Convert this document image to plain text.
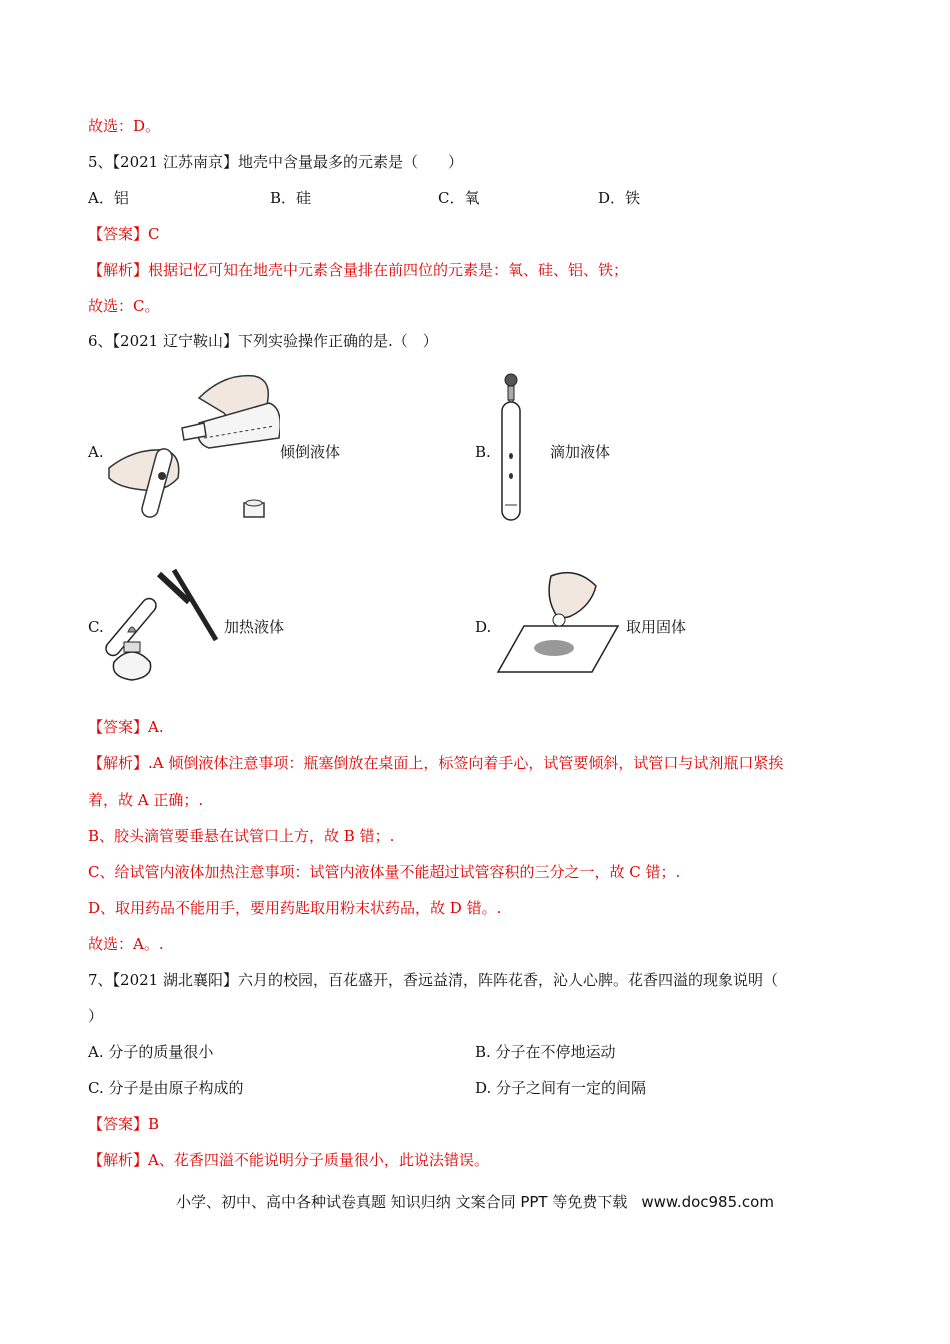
故选：D。
5、【2021 江苏南京】地壳中含量最多的元素是（　　）
A．铝	B．硅	C．氧	D．铁
【答案】C
【解析】根据记忆可知在地壳中元素含量排在前四位的元素是：氧、硅、铝、铁；
故选：C。
6、【2021 辽宁鞍山】下列实验操作正确的是.（　）
A.	倾倒液体	B.	滴加液体
C.	加热液体	D.	取用固体
【答案】A.
【解析】.A 倾倒液体注意事项：瓶塞倒放在桌面上，标签向着手心，试管要倾斜，试管口与试剂瓶口紧挨
着，故 A 正确；.
B、胶头滴管要垂悬在试管口上方，故 B 错；.
C、给试管内液体加热注意事项：试管内液体量不能超过试管容积的三分之一，故 C 错；.
D、取用药品不能用手，要用药匙取用粉末状药品，故 D 错。.
故选：A。.
7、【2021 湖北襄阳】六月的校园，百花盛开，香远益清，阵阵花香，沁人心脾。花香四溢的现象说明（
）
A. 分子的质量很小	B. 分子在不停地运动
C. 分子是由原子构成的	D. 分子之间有一定的间隔
【答案】B
【解析】A、花香四溢不能说明分子质量很小，此说法错误。
小学、初中、高中各种试卷真题 知识归纳 文案合同 PPT 等免费下载 www.doc985.com
